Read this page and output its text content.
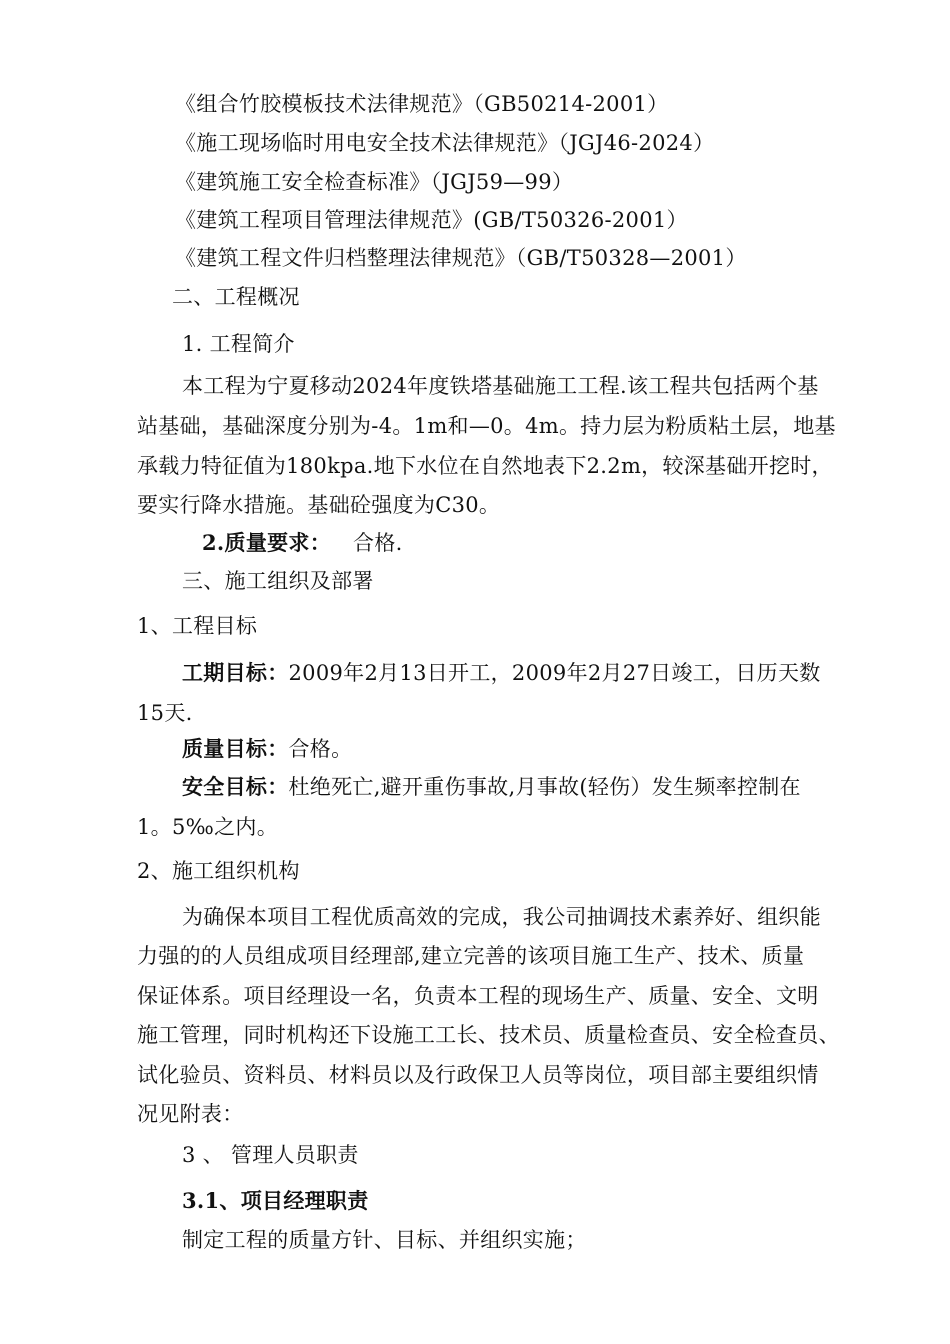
《组合竹胶模板技术法律规范》（GB50214-2001）
《施工现场临时用电安全技术法律规范》（JGJ46-2024）
《建筑施工安全检查标准》（JGJ59—99）
《建筑工程项目管理法律规范》(GB/T50326-2001）
《建筑工程文件归档整理法律规范》（GB/T50328—2001）
二、工程概况
1. 工程简介
本工程为宁夏移动2024年度铁塔基础施工工程.该工程共包括两个基
站基础，基础深度分别为-4。1m和—0。4m。持力层为粉质粘土层，地基
承载力特征值为180kpa.地下水位在自然地表下2.2m，较深基础开挖时，
要实行降水措施。基础砼强度为C30。
2.质量要求： 合格.
三、施工组织及部署
1、工程目标
工期目标：2009年2月13日开工，2009年2月27日竣工，日历天数
15天.
质量目标：合格。
安全目标：杜绝死亡,避开重伤事故,月事故(轻伤）发生频率控制在
1。5‰之内。
2、施工组织机构
为确保本项目工程优质高效的完成，我公司抽调技术素养好、组织能
力强的的人员组成项目经理部,建立完善的该项目施工生产、技术、质量
保证体系。项目经理设一名，负责本工程的现场生产、质量、安全、文明
施工管理，同时机构还下设施工工长、技术员、质量检查员、安全检查员、
试化验员、资料员、材料员以及行政保卫人员等岗位，项目部主要组织情
况见附表：
3 、 管理人员职责
3.1、项目经理职责
制定工程的质量方针、目标、并组织实施；
